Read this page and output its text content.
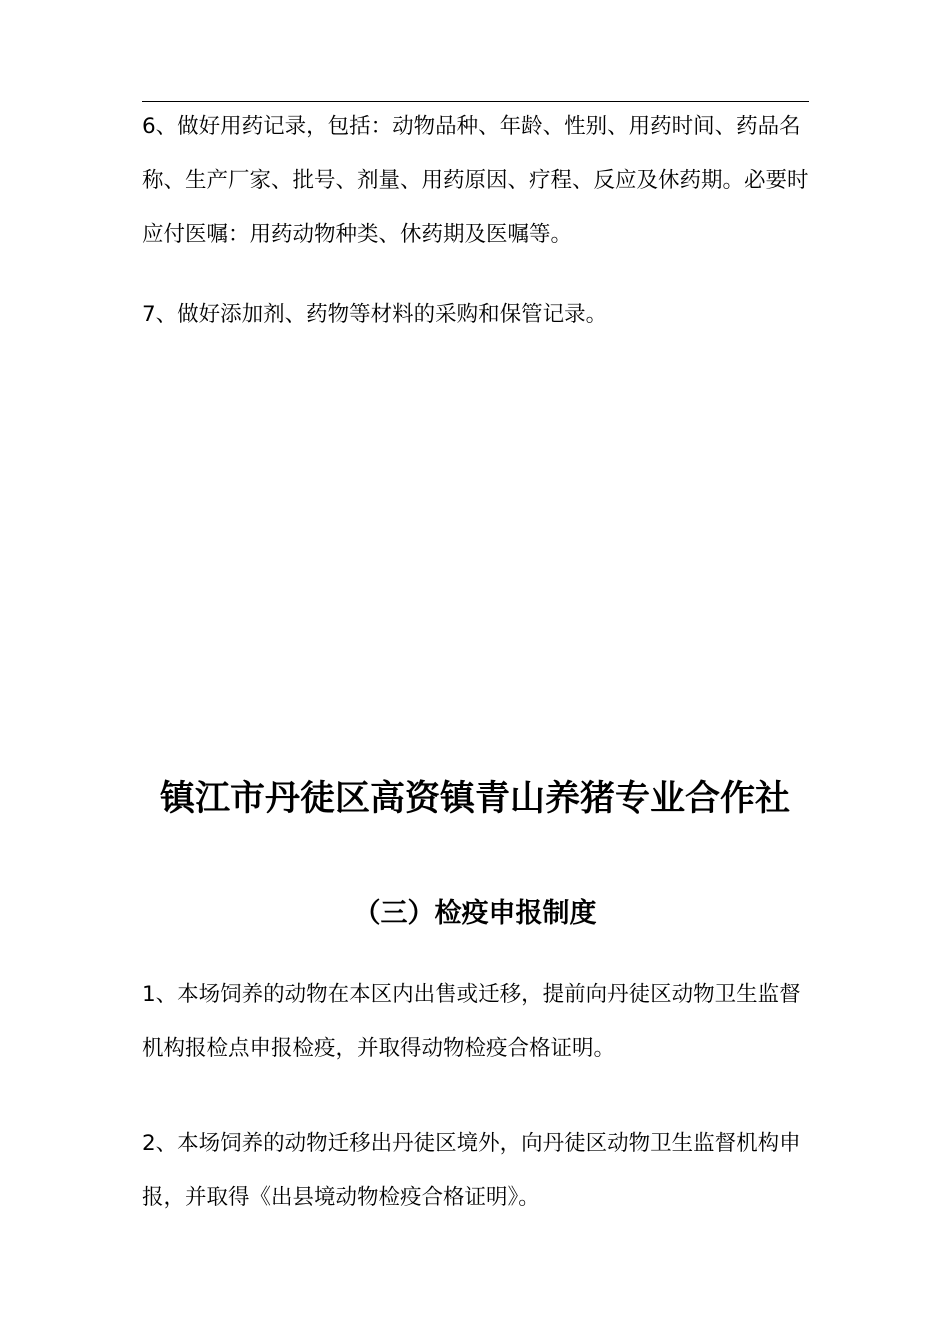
6、做好用药记录，包括：动物品种、年龄、性别、用药时间、药品名称、生产厂家、批号、剂量、用药原因、疗程、反应及休药期。必要时应付医嘱：用药动物种类、休药期及医嘱等。

7、做好添加剂、药物等材料的采购和保管记录。

镇江市丹徒区高资镇青山养猪专业合作社
（三）检疫申报制度

1、本场饲养的动物在本区内出售或迁移，提前向丹徒区动物卫生监督机构报检点申报检疫，并取得动物检疫合格证明。

2、本场饲养的动物迁移出丹徒区境外，向丹徒区动物卫生监督机构申报，并取得《出县境动物检疫合格证明》。
